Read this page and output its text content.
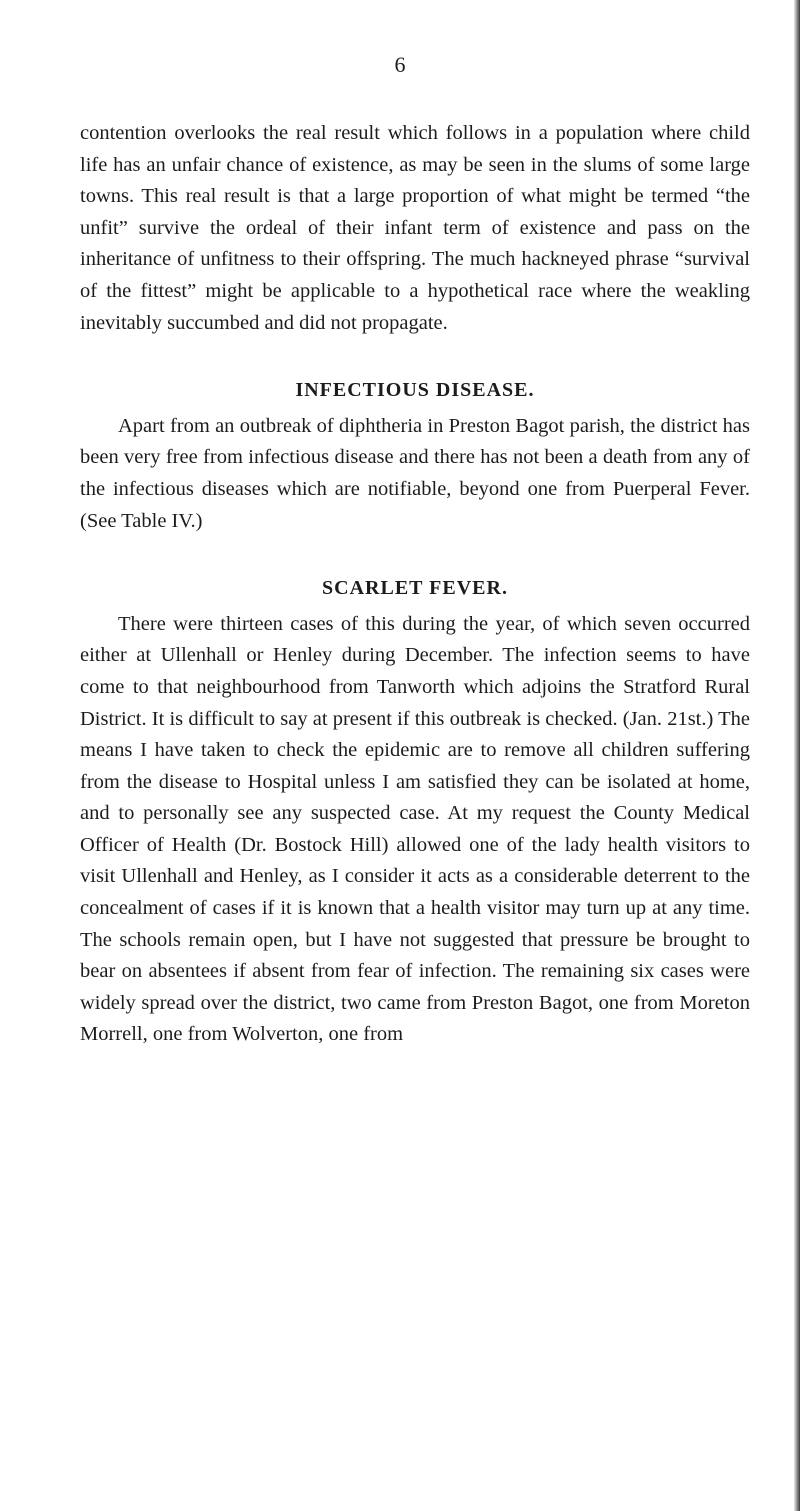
6

contention overlooks the real result which follows in a population where child life has an unfair chance of existence, as may be seen in the slums of some large towns. This real result is that a large proportion of what might be termed “the unfit” survive the ordeal of their infant term of existence and pass on the inheritance of unfitness to their offspring. The much hackneyed phrase “survival of the fittest” might be applicable to a hypothetical race where the weakling inevitably succumbed and did not propagate.

INFECTIOUS DISEASE.

Apart from an outbreak of diphtheria in Preston Bagot parish, the district has been very free from infectious disease and there has not been a death from any of the infectious diseases which are notifiable, beyond one from Puerperal Fever. (See Table IV.)

SCARLET FEVER.

There were thirteen cases of this during the year, of which seven occurred either at Ullenhall or Henley during December. The infection seems to have come to that neighbourhood from Tanworth which adjoins the Stratford Rural District. It is difficult to say at present if this outbreak is checked. (Jan. 21st.) The means I have taken to check the epidemic are to remove all children suffering from the disease to Hospital unless I am satisfied they can be isolated at home, and to personally see any suspected case. At my request the County Medical Officer of Health (Dr. Bostock Hill) allowed one of the lady health visitors to visit Ullenhall and Henley, as I consider it acts as a considerable deterrent to the concealment of cases if it is known that a health visitor may turn up at any time. The schools remain open, but I have not suggested that pressure be brought to bear on absentees if absent from fear of infection. The remaining six cases were widely spread over the district, two came from Preston Bagot, one from Moreton Morrell, one from Wolverton, one from
